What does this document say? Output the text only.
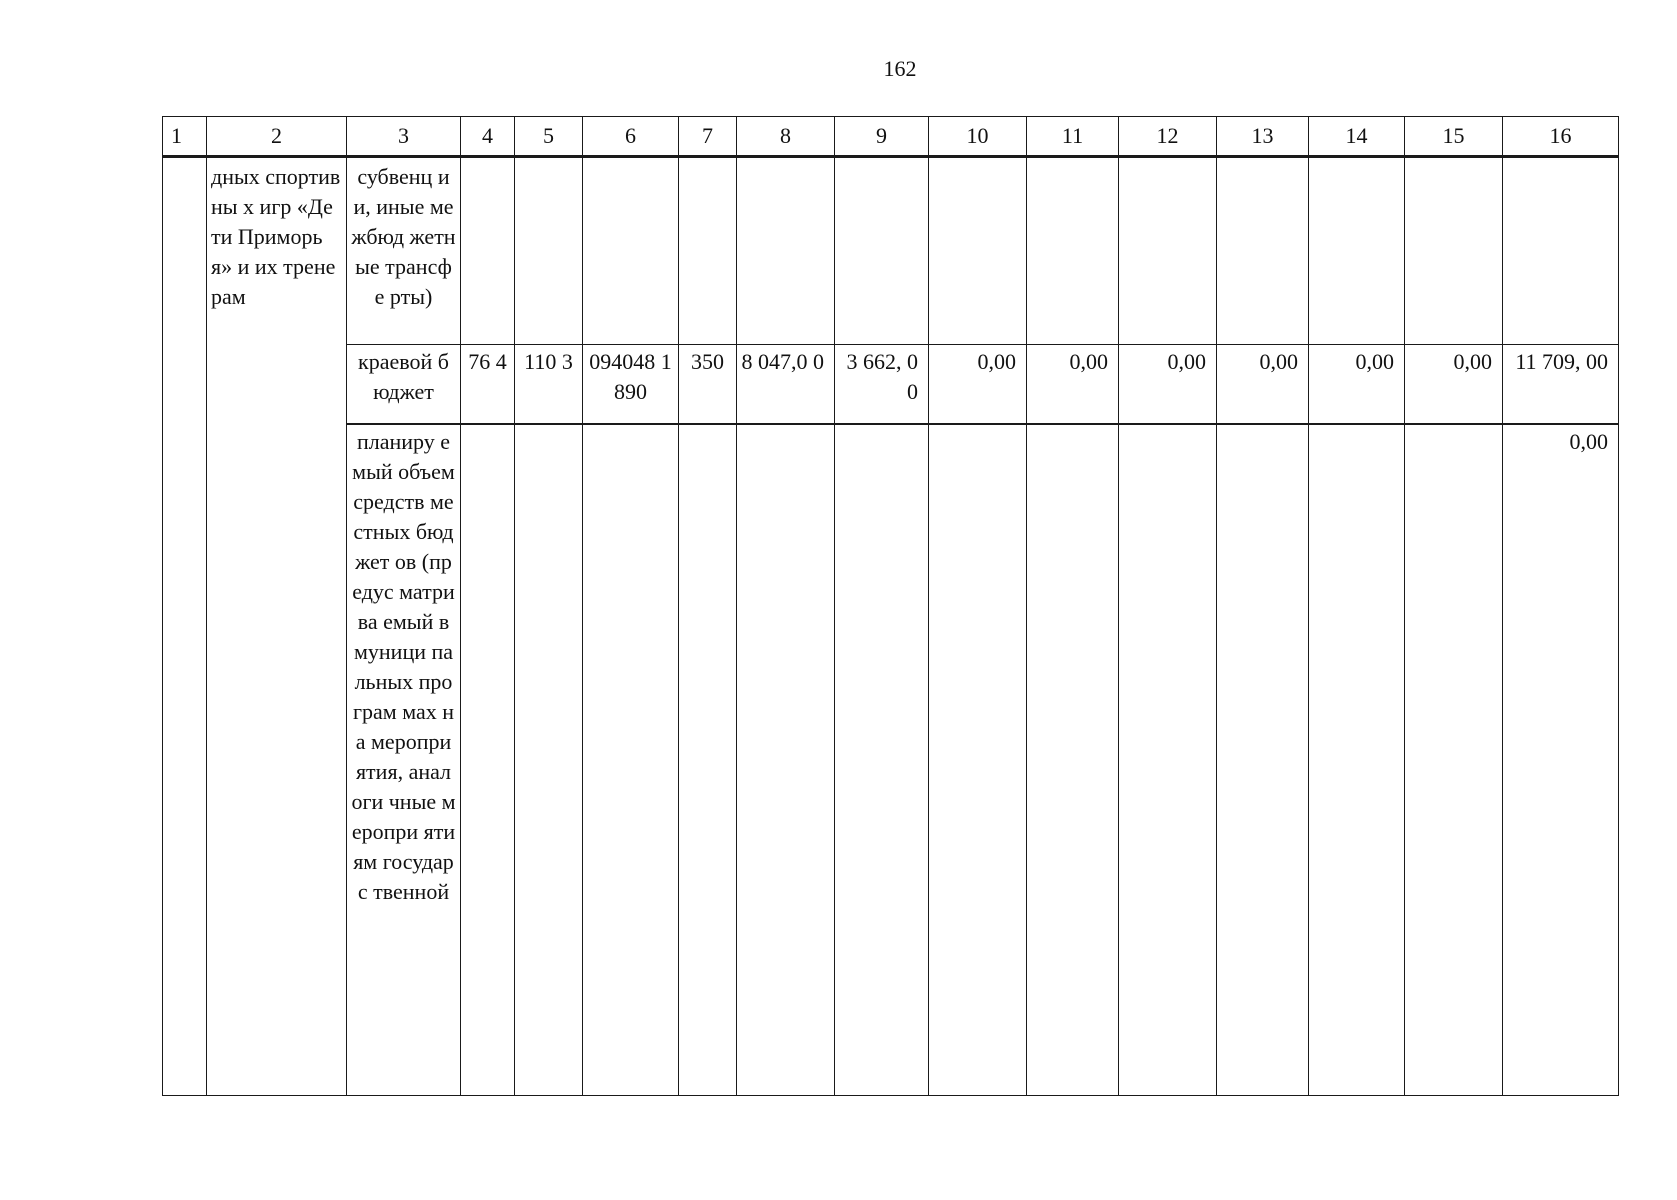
162
1	2	3	4	5	6	7	8	9	10	11	12	13	14	15	16
	дных спортивны х игр «Дети Приморья» и их тренерам	субвенц ии, иные межбюд жетные трансфе рты)													
		краевой бюджет	76 4	110 3	094048 1890	350	8 047,0 0	3 662, 00	0,00	0,00	0,00	0,00	0,00	0,00	11 709, 00
		планиру емый объем средств местных бюджет ов (предус матрива емый в муници пальных програм мах на меропри ятия, аналоги чные меропри ятиям государс твенной													0,00
